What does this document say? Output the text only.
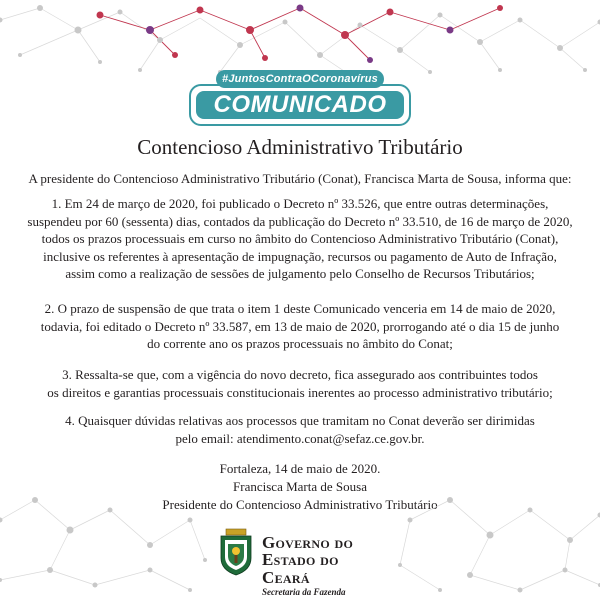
COMUNICADO
#JuntosContraOCoronavírus
Contencioso Administrativo Tributário
A presidente do Contencioso Administrativo Tributário (Conat), Francisca Marta de Sousa, informa que:
1. Em 24 de março de 2020, foi publicado o Decreto nº 33.526, que entre outras determinações,
suspendeu por 60 (sessenta) dias, contados da publicação do Decreto nº 33.510, de 16 de março de 2020,
todos os prazos processuais em curso no âmbito do Contencioso Administrativo Tributário (Conat),
inclusive os referentes à apresentação de impugnação, recursos ou pagamento de Auto de Infração,
assim como a realização de sessões de julgamento pelo Conselho de Recursos Tributários;
2. O prazo de suspensão de que trata o item 1 deste Comunicado venceria em 14 de maio de 2020,
todavia, foi editado o Decreto nº 33.587, em 13 de maio de 2020, prorrogando até o dia 15 de junho
do corrente ano os prazos processuais no âmbito do Conat;
3. Ressalta-se que, com a vigência do novo decreto, fica assegurado aos contribuintes todos
os direitos e garantias processuais constitucionais inerentes ao processo administrativo tributário;
4. Quaisquer dúvidas relativas aos processos que tramitam no Conat deverão ser dirimidas
pelo email: atendimento.conat@sefaz.ce.gov.br.
Fortaleza, 14 de maio de 2020.
Francisca Marta de Sousa
Presidente do Contencioso Administrativo Tributário
Governo do
Estado do Ceará
Secretaria da Fazenda
